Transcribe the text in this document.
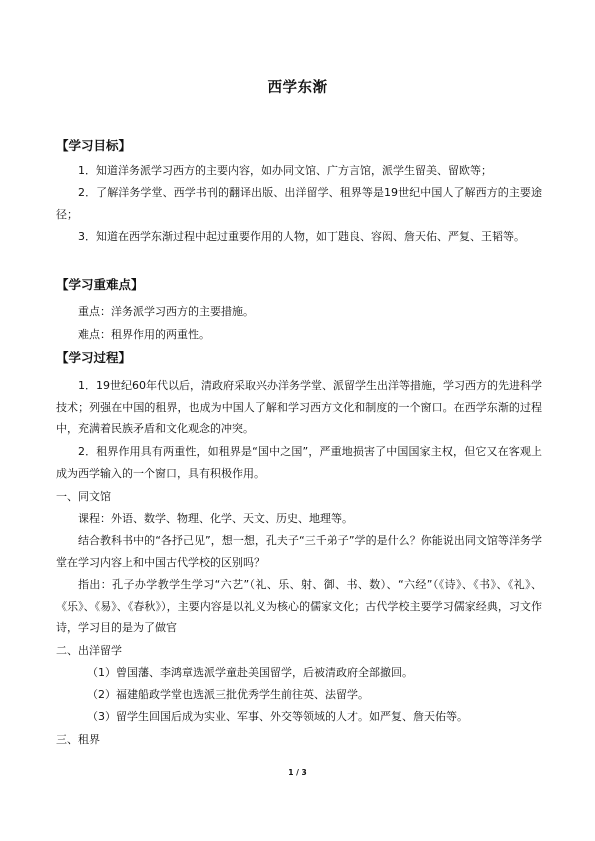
西学东渐
【学习目标】

1．知道洋务派学习西方的主要内容，如办同文馆、广方言馆，派学生留美、留欧等；

2．了解洋务学堂、西学书刊的翻译出版、出洋留学、租界等是19世纪中国人了解西方的主要途径；

3．知道在西学东渐过程中起过重要作用的人物，如丁韪良、容闳、詹天佑、严复、王韬等。

【学习重难点】

重点：洋务派学习西方的主要措施。

难点：租界作用的两重性。

【学习过程】

1．19世纪60年代以后，清政府采取兴办洋务学堂、派留学生出洋等措施，学习西方的先进科学技术；列强在中国的租界，也成为中国人了解和学习西方文化和制度的一个窗口。在西学东渐的过程中，充满着民族矛盾和文化观念的冲突。

2．租界作用具有两重性，如租界是“国中之国”，严重地损害了中国国家主权，但它又在客观上成为西学输入的一个窗口，具有积极作用。

一、同文馆

课程：外语、数学、物理、化学、天文、历史、地理等。

结合教科书中的“各抒己见”，想一想，孔夫子“三千弟子”学的是什么？你能说出同文馆等洋务学堂在学习内容上和中国古代学校的区别吗？

指出：孔子办学教学生学习“六艺”（礼、乐、射、御、书、数）、“六经”（《诗》、《书》、《礼》、《乐》、《易》、《春秋》），主要内容是以礼义为核心的儒家文化；古代学校主要学习儒家经典，习文作诗，学习目的是为了做官

二、出洋留学

（1）曾国藩、李鸿章选派学童赴美国留学，后被清政府全部撤回。

（2）福建船政学堂也选派三批优秀学生前往英、法留学。

（3）留学生回国后成为实业、军事、外交等领域的人才。如严复、詹天佑等。

三、租界

1 / 3
